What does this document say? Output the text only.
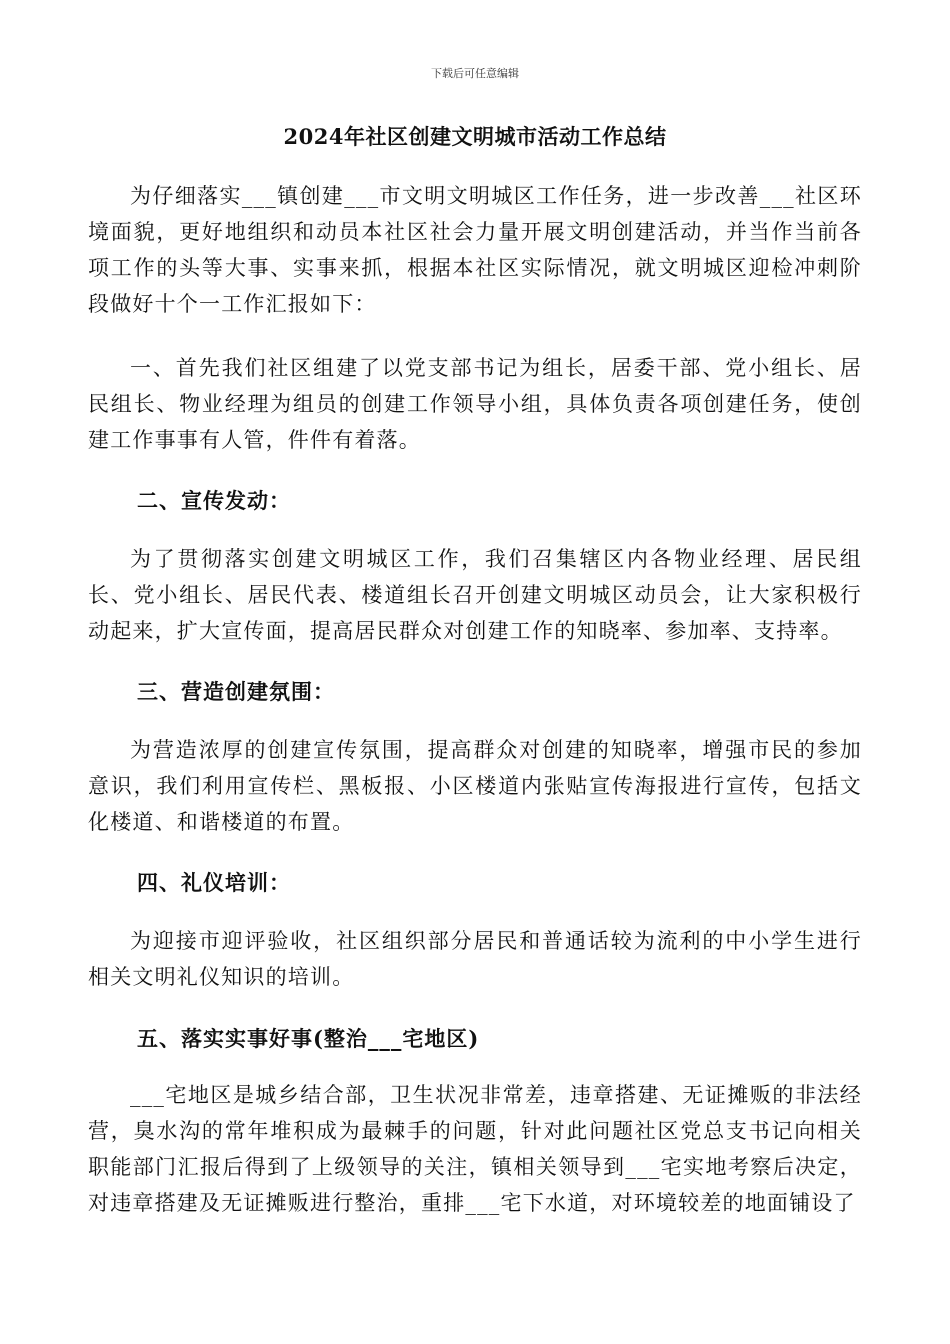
下载后可任意编辑
2024年社区创建文明城市活动工作总结

为仔细落实___镇创建___市文明文明城区工作任务，进一步改善___社区环境面貌，更好地组织和动员本社区社会力量开展文明创建活动，并当作当前各项工作的头等大事、实事来抓，根据本社区实际情况，就文明城区迎检冲刺阶段做好十个一工作汇报如下：

一、首先我们社区组建了以党支部书记为组长，居委干部、党小组长、居民组长、物业经理为组员的创建工作领导小组，具体负责各项创建任务，使创建工作事事有人管，件件有着落。

二、宣传发动：

为了贯彻落实创建文明城区工作，我们召集辖区内各物业经理、居民组长、党小组长、居民代表、楼道组长召开创建文明城区动员会，让大家积极行动起来，扩大宣传面，提高居民群众对创建工作的知晓率、参加率、支持率。

三、营造创建氛围：

为营造浓厚的创建宣传氛围，提高群众对创建的知晓率，增强市民的参加意识，我们利用宣传栏、黑板报、小区楼道内张贴宣传海报进行宣传，包括文化楼道、和谐楼道的布置。

四、礼仪培训：

为迎接市迎评验收，社区组织部分居民和普通话较为流利的中小学生进行相关文明礼仪知识的培训。

五、落实实事好事(整治___宅地区)

___宅地区是城乡结合部，卫生状况非常差，违章搭建、无证摊贩的非法经营，臭水沟的常年堆积成为最棘手的问题，针对此问题社区党总支书记向相关职能部门汇报后得到了上级领导的关注，镇相关领导到___宅实地考察后决定，对违章搭建及无证摊贩进行整治，重排___宅下水道，对环境较差的地面铺设了
